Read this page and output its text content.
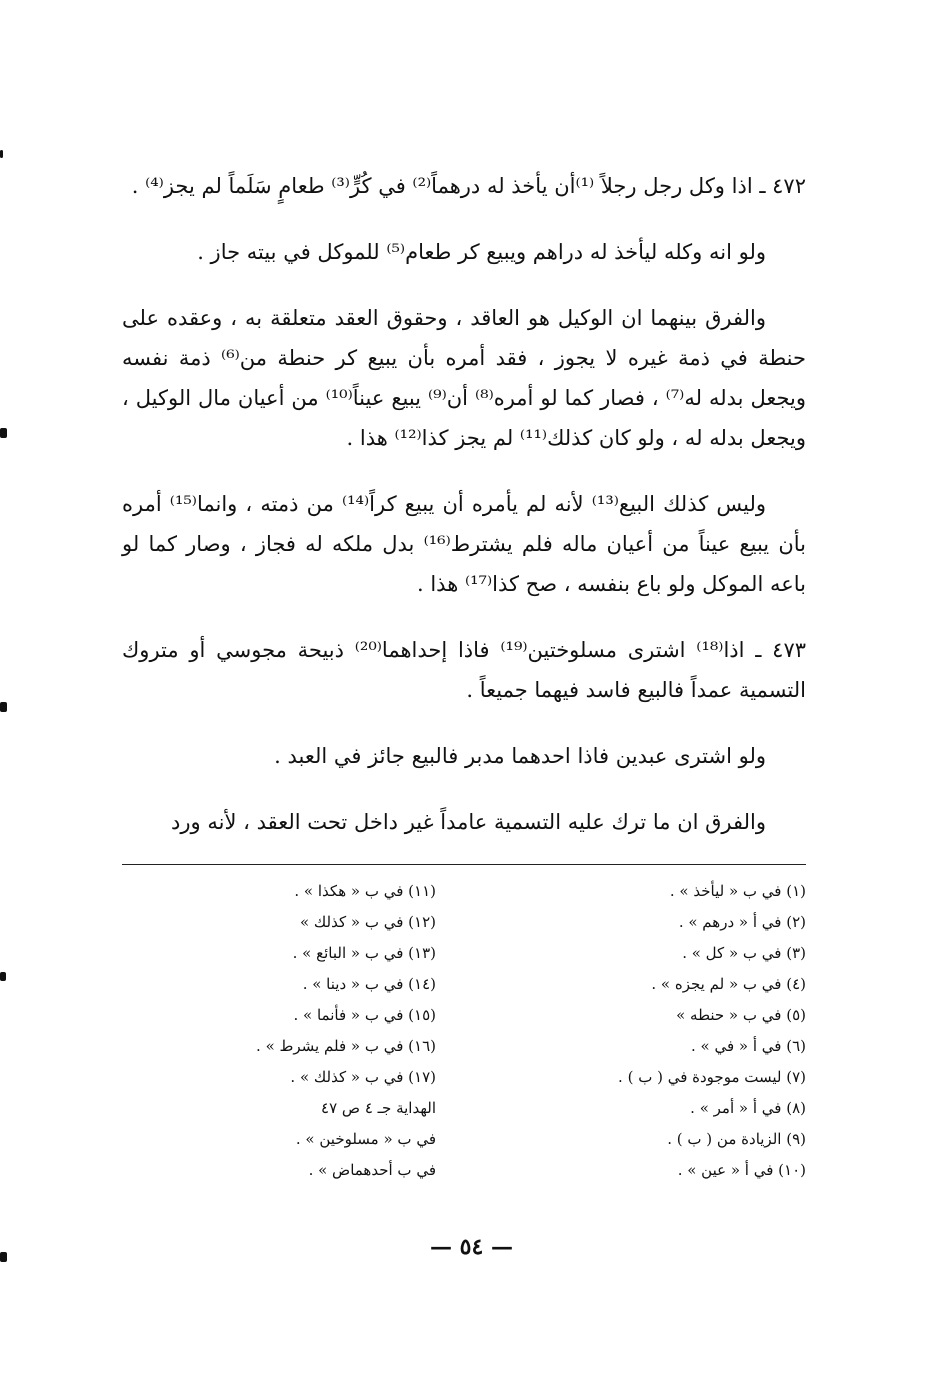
٤٧٢ ـ اذا وكل رجل رجلاً ⁽¹⁾أن يأخذ له درهماً⁽²⁾ في كُرٍّ⁽³⁾ طعامٍ سَلَماً لم يجز⁽⁴⁾ .

ولو انه وكله ليأخذ له دراهم ويبيع كر طعام⁽⁵⁾ للموكل في بيته جاز .

والفرق بينهما ان الوكيل هو العاقد ، وحقوق العقد متعلقة به ، وعقده على حنطة في ذمة غيره لا يجوز ، فقد أمره بأن يبيع كر حنطة من⁽⁶⁾ ذمة نفسه ويجعل بدله له⁽⁷⁾ ، فصار كما لو أمره⁽⁸⁾ أن⁽⁹⁾ يبيع عيناً⁽¹⁰⁾ من أعيان مال الوكيل ، ويجعل بدله له ، ولو كان كذلك⁽¹¹⁾ لم يجز كذا⁽¹²⁾ هذا .

وليس كذلك البيع⁽¹³⁾ لأنه لم يأمره أن يبيع كراً⁽¹⁴⁾ من ذمته ، وانما⁽¹⁵⁾ أمره بأن يبيع عيناً من أعيان ماله فلم يشترط⁽¹⁶⁾ بدل ملكه له فجاز ، وصار كما لو باعه الموكل ولو باع بنفسه ، صح كذا⁽¹⁷⁾ هذا .

٤٧٣ ـ اذا⁽¹⁸⁾ اشترى مسلوختين⁽¹⁹⁾ فاذا إحداهما⁽²⁰⁾ ذبيحة مجوسي أو متروك التسمية عمداً فالبيع فاسد فيهما جميعاً .

ولو اشترى عبدين فاذا احدهما مدبر فالبيع جائز في العبد .

والفرق ان ما ترك عليه التسمية عامداً غير داخل تحت العقد ، لأنه ورد

(١) في ب « ليأخذ » .
(٢) في أ « درهم » .
(٣) في ب « كل » .
(٤) في ب « لم يجزه » .
(٥) في ب « حنطه »
(٦) في أ « في » .
(٧) ليست موجودة في ( ب ) .
(٨) في أ « أمر » .
(٩) الزيادة من ( ب ) .
(١٠) في أ « عين » .
(١١) في ب « هكذا » .
(١٢) في ب « كذلك »
(١٣) في ب « البائع » .
(١٤) في ب « دينا » .
(١٥) في ب « فأنما » .
(١٦) في ب « فلم يشرط » .
(١٧) في ب « كذلك » .
الهداية جـ ٤ ص ٤٧
في ب « مسلوخين » .
في ب أحدهماض » .
— ٥٤ —
